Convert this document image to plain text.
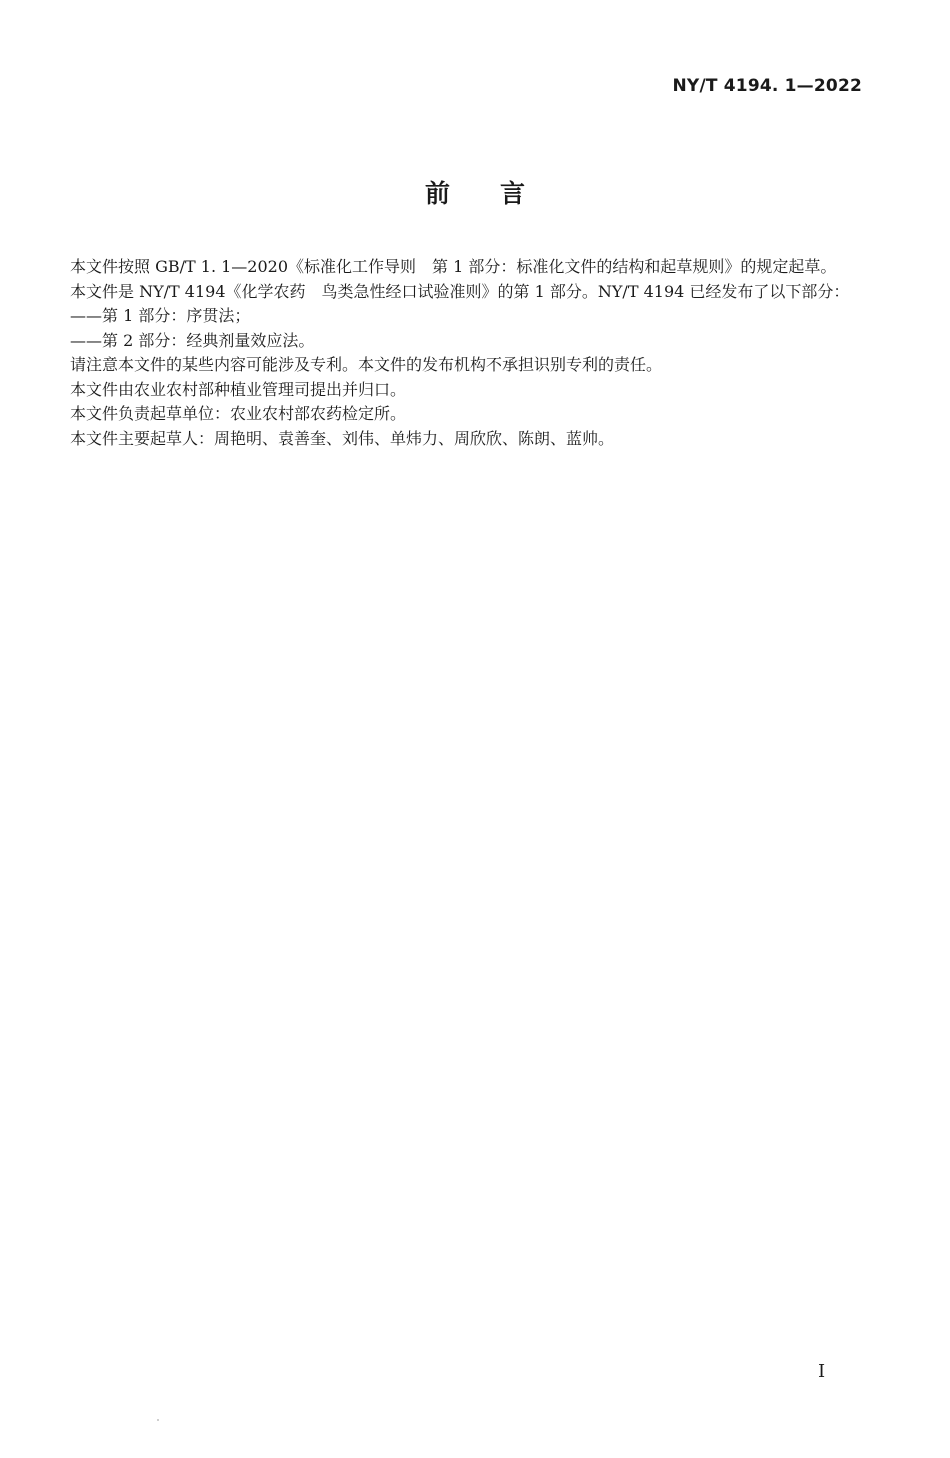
NY/T 4194. 1—2022
前言

本文件按照 GB/T 1. 1—2020《标准化工作导则　第 1 部分：标准化文件的结构和起草规则》的规定起草。

本文件是 NY/T 4194《化学农药　鸟类急性经口试验准则》的第 1 部分。NY/T 4194 已经发布了以下部分：

——第 1 部分：序贯法；

——第 2 部分：经典剂量效应法。

请注意本文件的某些内容可能涉及专利。本文件的发布机构不承担识别专利的责任。

本文件由农业农村部种植业管理司提出并归口。

本文件负责起草单位：农业农村部农药检定所。

本文件主要起草人：周艳明、袁善奎、刘伟、单炜力、周欣欣、陈朗、蓝帅。

I
